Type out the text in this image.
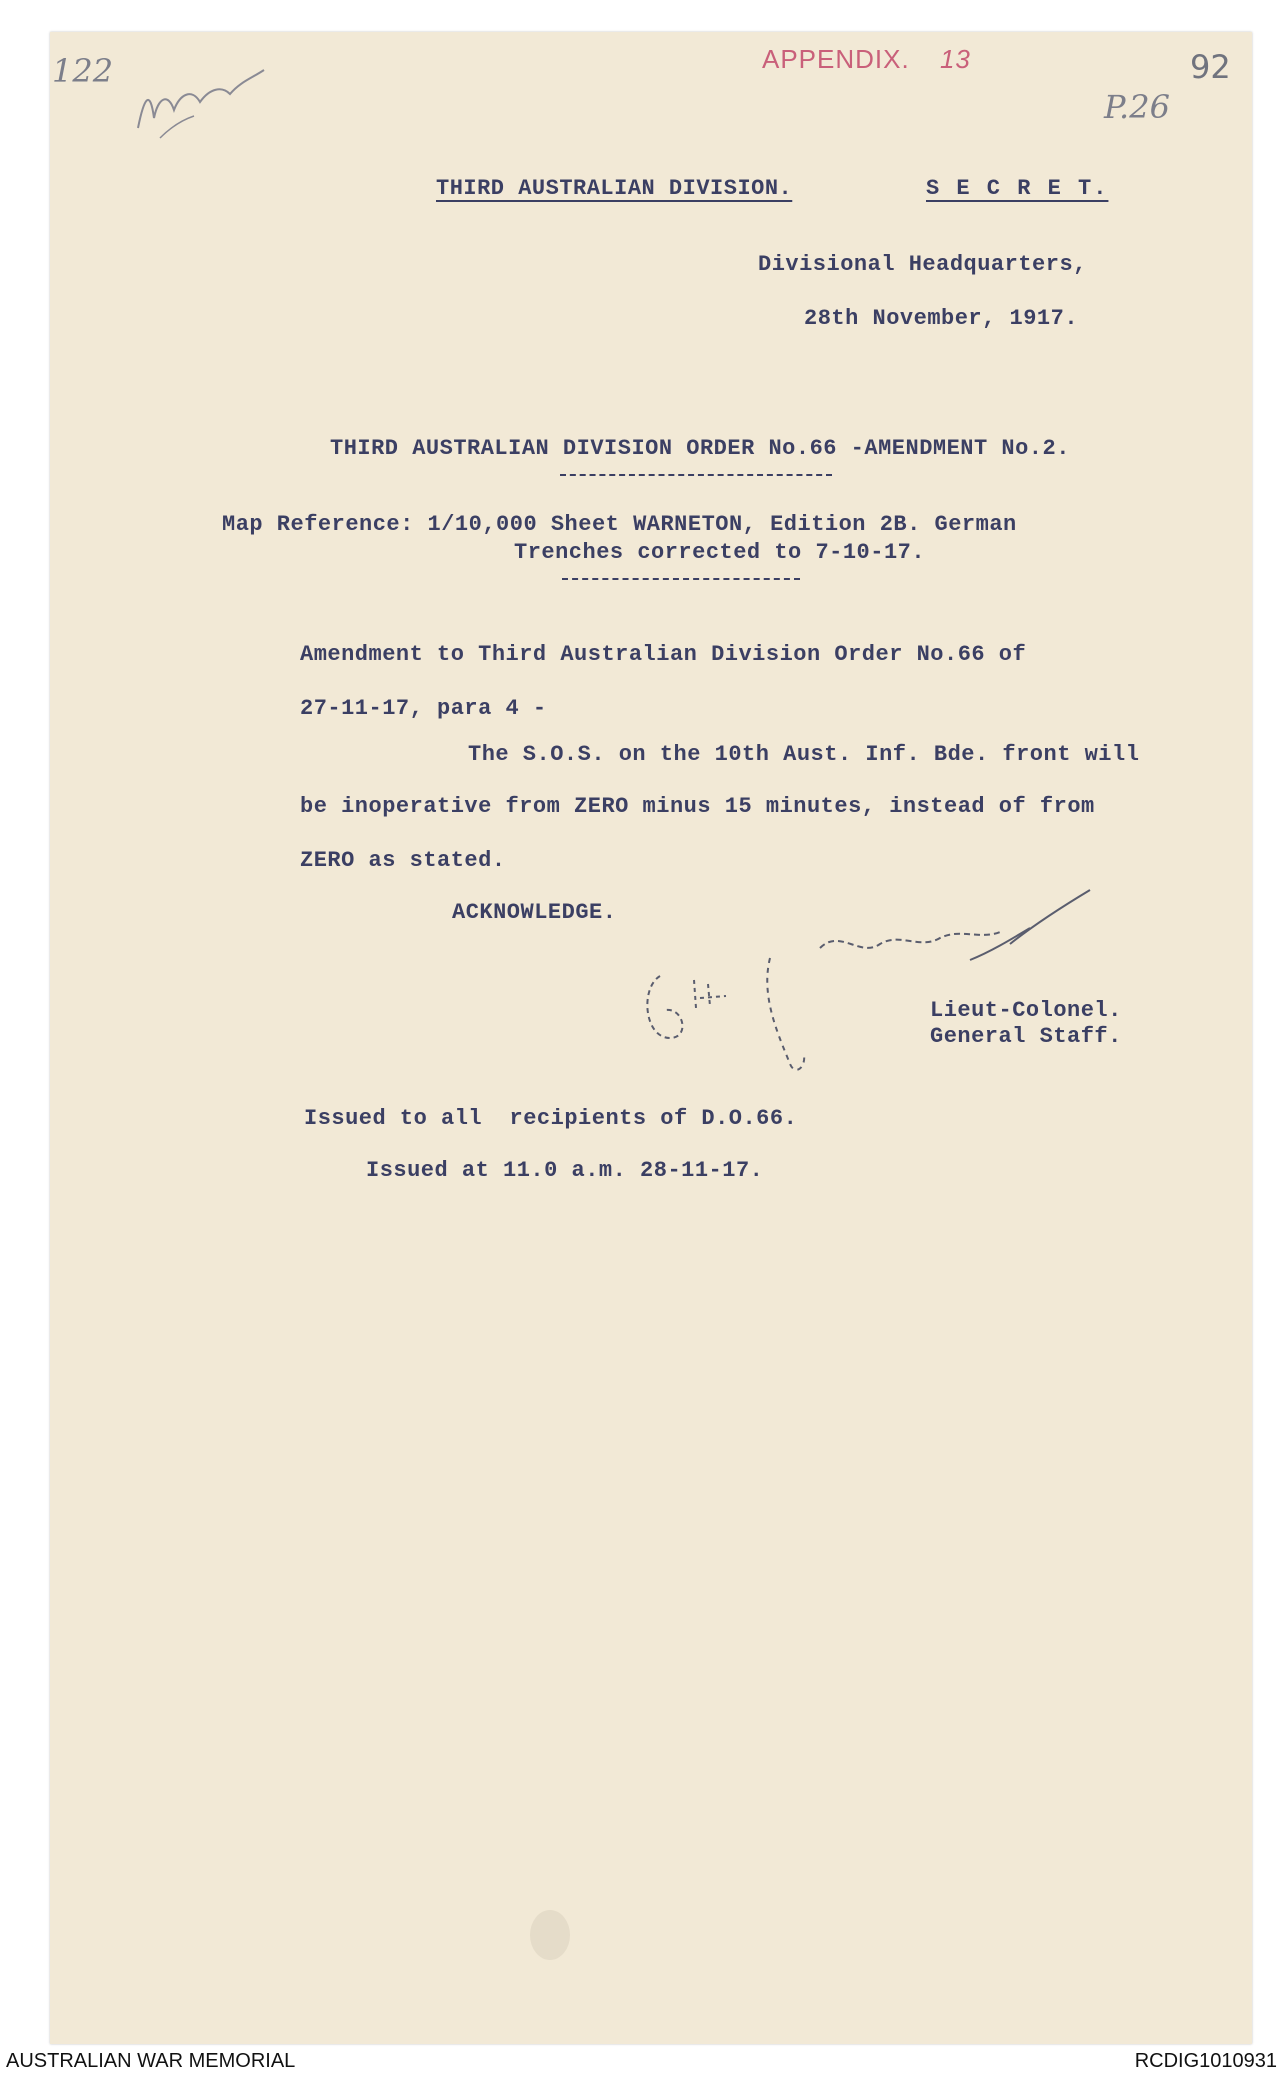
122	APPENDIX. 13	92
P.26
THIRD AUSTRALIAN DIVISION.	S E C R E T.
Divisional Headquarters,
28th November, 1917.
THIRD AUSTRALIAN DIVISION ORDER No.66 -AMENDMENT No.2.
Map Reference: 1/10,000 Sheet WARNETON, Edition 2B. German
Trenches corrected to 7-10-17.
Amendment to Third Australian Division Order No.66 of
27-11-17, para 4 -
The S.O.S. on the 10th Aust. Inf. Bde. front will
be inoperative from ZERO minus 15 minutes, instead of from
ZERO as stated.
ACKNOWLEDGE.
Lieut-Colonel.
General Staff.
Issued to all  recipients of D.O.66.
Issued at 11.0 a.m. 28-11-17.
AUSTRALIAN WAR MEMORIAL	RCDIG1010931
